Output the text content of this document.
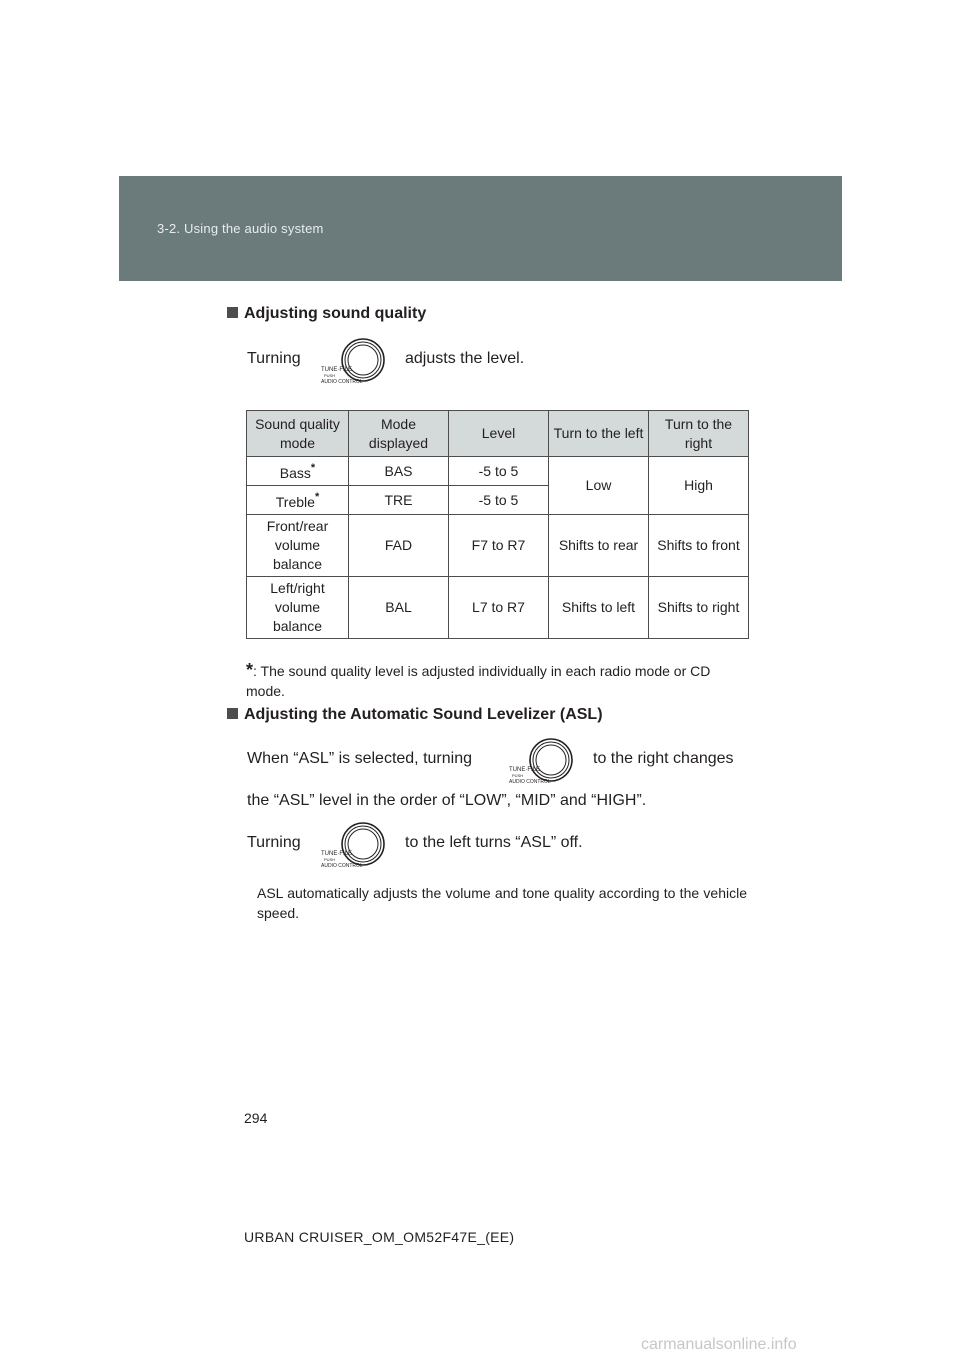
3-2. Using the audio system
Adjusting sound quality
Turning
TUNE·FILE
PUSH
AUDIO CONTROL
adjusts the level.
Sound quality mode	Mode displayed	Level	Turn to the left	Turn to the right
Bass*	BAS	-5 to 5	Low	High
Treble*	TRE	-5 to 5		
Front/rear volume balance	FAD	F7 to R7	Shifts to rear	Shifts to front
Left/right volume balance	BAL	L7 to R7	Shifts to left	Shifts to right
*: The sound quality level is adjusted individually in each radio mode or CD mode.
Adjusting the Automatic Sound Levelizer (ASL)
When “ASL” is selected, turning
TUNE·FILE
PUSH
AUDIO CONTROL
to the right changes
the “ASL” level in the order of “LOW”, “MID” and “HIGH”.
Turning
TUNE·FILE
PUSH
AUDIO CONTROL
to the left turns “ASL” off.
ASL automatically adjusts the volume and tone quality according to the vehicle speed.
294
URBAN CRUISER_OM_OM52F47E_(EE)
carmanualsonline.info
